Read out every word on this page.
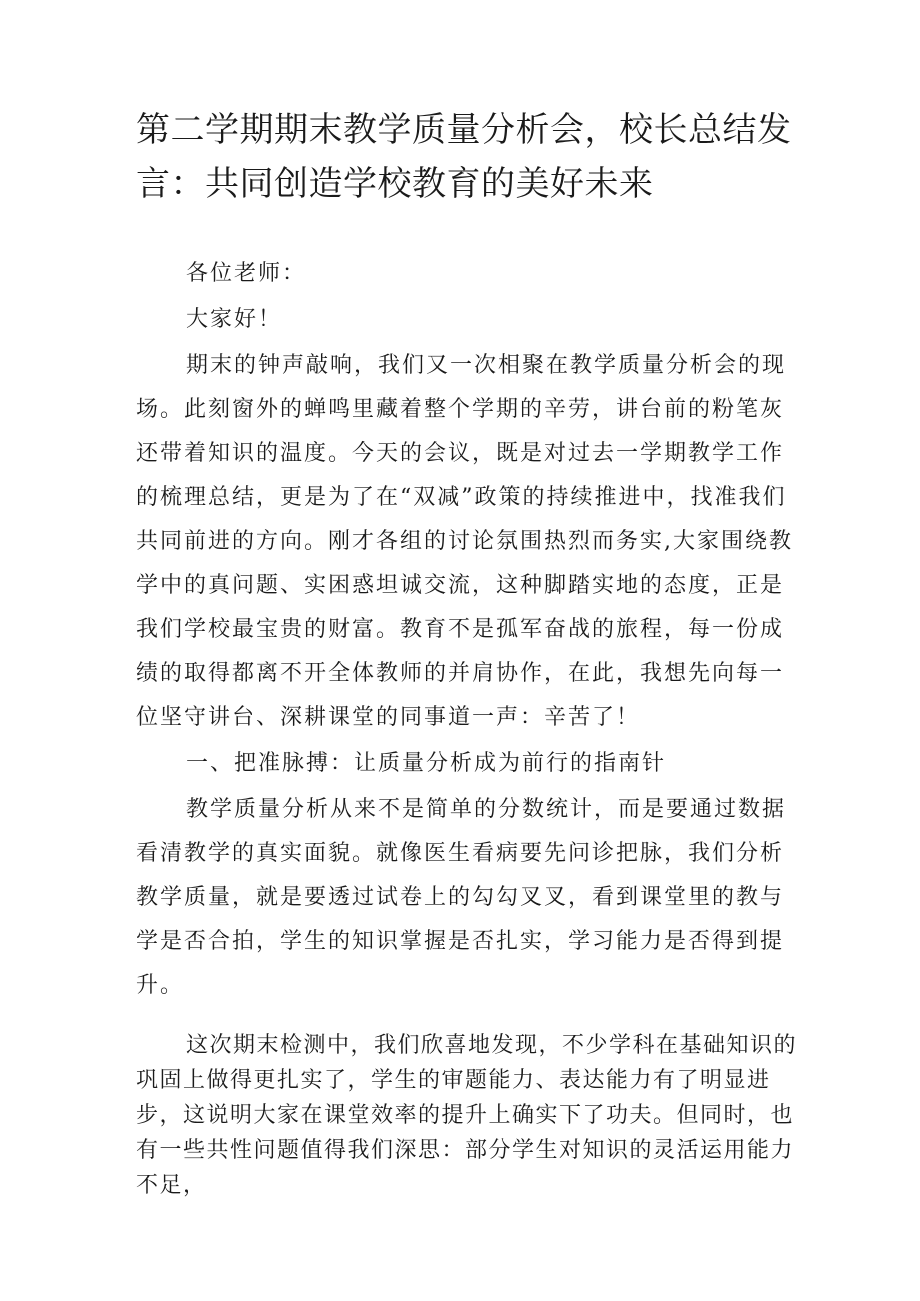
第二学期期末教学质量分析会，校长总结发言：共同创造学校教育的美好未来

各位老师：

大家好！

期末的钟声敲响，我们又一次相聚在教学质量分析会的现场。此刻窗外的蝉鸣里藏着整个学期的辛劳，讲台前的粉笔灰还带着知识的温度。今天的会议，既是对过去一学期教学工作的梳理总结，更是为了在“双减”政策的持续推进中，找准我们共同前进的方向。刚才各组的讨论氛围热烈而务实,大家围绕教学中的真问题、实困惑坦诚交流，这种脚踏实地的态度，正是我们学校最宝贵的财富。教育不是孤军奋战的旅程，每一份成绩的取得都离不开全体教师的并肩协作，在此，我想先向每一位坚守讲台、深耕课堂的同事道一声：辛苦了！

一、把准脉搏：让质量分析成为前行的指南针

教学质量分析从来不是简单的分数统计，而是要通过数据看清教学的真实面貌。就像医生看病要先问诊把脉，我们分析教学质量，就是要透过试卷上的勾勾叉叉，看到课堂里的教与学是否合拍，学生的知识掌握是否扎实，学习能力是否得到提升。

这次期末检测中，我们欣喜地发现，不少学科在基础知识的巩固上做得更扎实了，学生的审题能力、表达能力有了明显进步，这说明大家在课堂效率的提升上确实下了功夫。但同时，也有一些共性问题值得我们深思：部分学生对知识的灵活运用能力不足，
